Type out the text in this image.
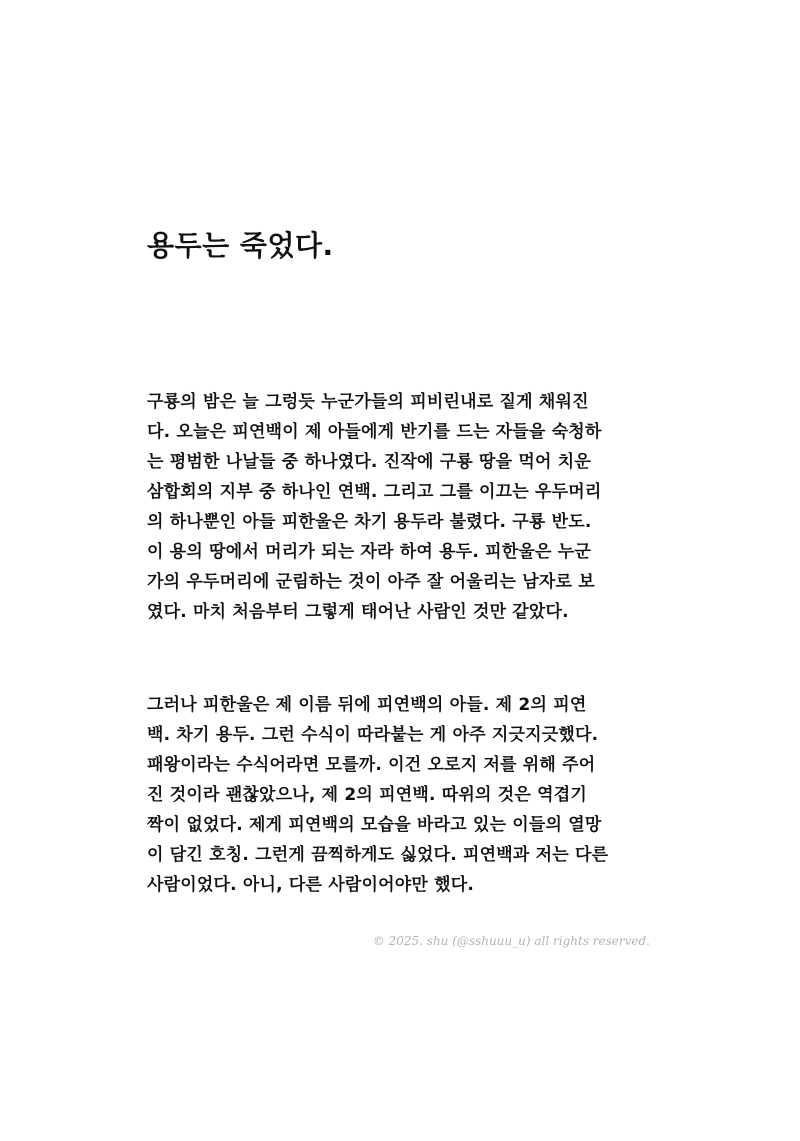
용두는 죽었다.
구룡의 밤은 늘 그렁듯 누군가들의 피비린내로 짙게 채워진
다. 오늘은 피연백이 제 아들에게 반기를 드는 자들을 숙청하
는 평범한 나날들 중 하나였다. 진작에 구룡 땅을 먹어 치운
삼합회의 지부 중 하나인 연백. 그리고 그를 이끄는 우두머리
의 하나뿐인 아들 피한울은 차기 용두라 불렸다. 구룡 반도.
이 용의 땅에서 머리가 되는 자라 하여 용두. 피한울은 누군
가의 우두머리에 군림하는 것이 아주 잘 어울리는 남자로 보
였다. 마치 처음부터 그렇게 태어난 사람인 것만 같았다.
그러나 피한울은 제 이름 뒤에 피연백의 아들. 제 2의 피연
백. 차기 용두. 그런 수식이 따라붙는 게 아주 지긋지긋했다.
패왕이라는 수식어라면 모를까. 이건 오로지 저를 위해 주어
진 것이라 괜찮았으나, 제 2의 피연백. 따위의 것은 역겹기
짝이 없었다. 제게 피연백의 모습을 바라고 있는 이들의 열망
이 담긴 호칭. 그런게 끔찍하게도 싫었다. 피연백과 저는 다른
사람이었다. 아니, 다른 사람이어야만 했다.

© 2025. shu (@sshuuu_u) all rights reserved.
